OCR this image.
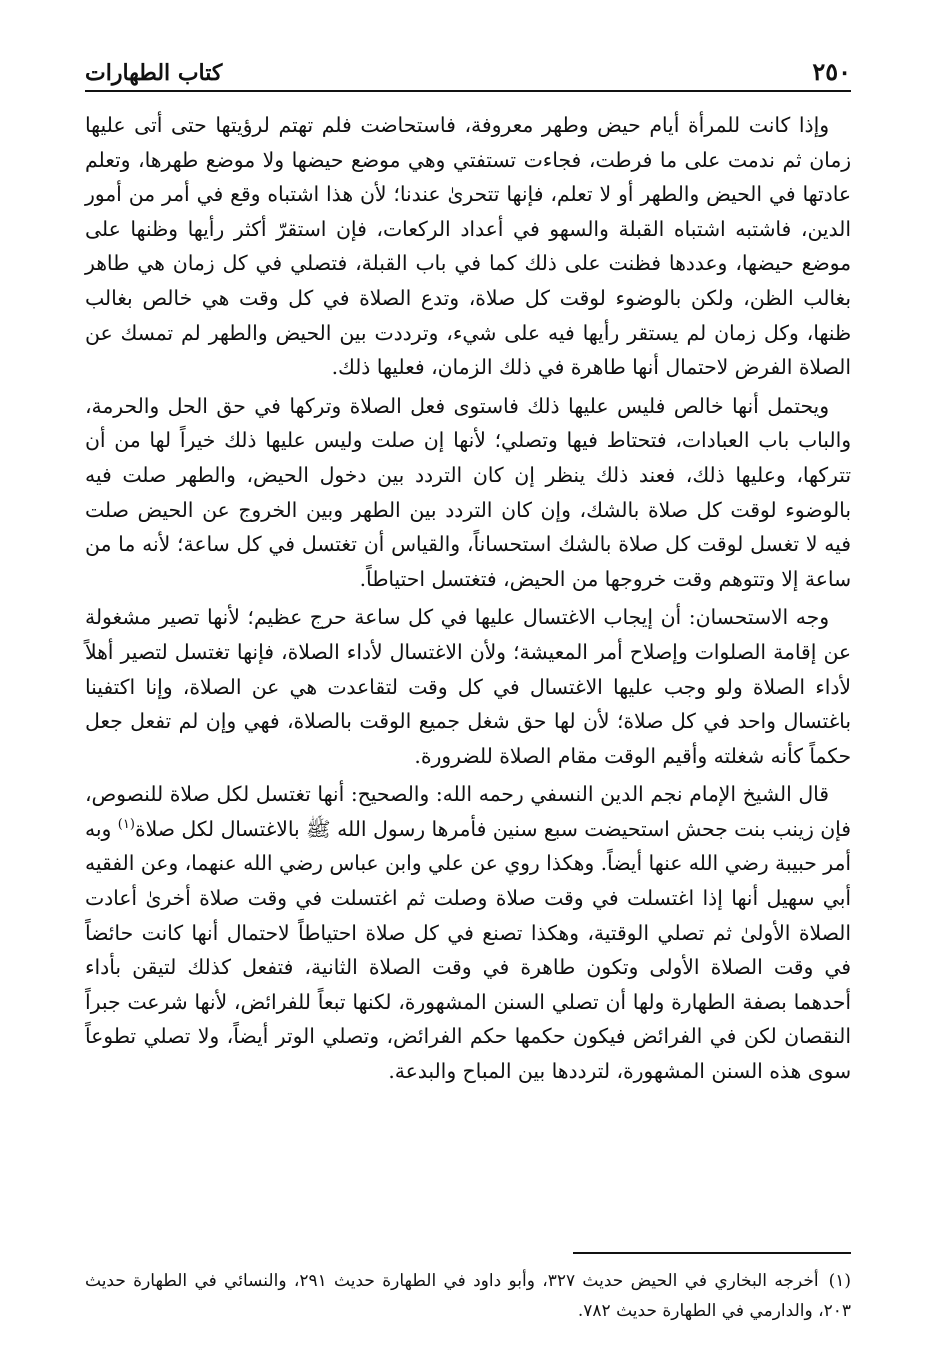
٢٥٠
كتاب الطهارات

وإذا كانت للمرأة أيام حيض وطهر معروفة، فاستحاضت فلم تهتم لرؤيتها حتى أتى عليها زمان ثم ندمت على ما فرطت، فجاءت تستفتي وهي موضع حيضها ولا موضع طهرها، وتعلم عادتها في الحيض والطهر أو لا تعلم، فإنها تتحرىٰ عندنا؛ لأن هذا اشتباه وقع في أمر من أمور الدين، فاشتبه اشتباه القبلة والسهو في أعداد الركعات، فإن استقرّ أكثر رأيها وظنها على موضع حيضها، وعددها فظنت على ذلك كما في باب القبلة، فتصلي في كل زمان هي طاهر بغالب الظن، ولكن بالوضوء لوقت كل صلاة، وتدع الصلاة في كل وقت هي خالص بغالب ظنها، وكل زمان لم يستقر رأيها فيه على شيء، وترددت بين الحيض والطهر لم تمسك عن الصلاة الفرض لاحتمال أنها طاهرة في ذلك الزمان، فعليها ذلك.

ويحتمل أنها خالص فليس عليها ذلك فاستوى فعل الصلاة وتركها في حق الحل والحرمة، والباب باب العبادات، فتحتاط فيها وتصلي؛ لأنها إن صلت وليس عليها ذلك خيراً لها من أن تتركها، وعليها ذلك، فعند ذلك ينظر إن كان التردد بين دخول الحيض، والطهر صلت فيه بالوضوء لوقت كل صلاة بالشك، وإن كان التردد بين الطهر وبين الخروج عن الحيض صلت فيه لا تغسل لوقت كل صلاة بالشك استحساناً، والقياس أن تغتسل في كل ساعة؛ لأنه ما من ساعة إلا وتتوهم وقت خروجها من الحيض، فتغتسل احتياطاً.

وجه الاستحسان: أن إيجاب الاغتسال عليها في كل ساعة حرج عظيم؛ لأنها تصير مشغولة عن إقامة الصلوات وإصلاح أمر المعيشة؛ ولأن الاغتسال لأداء الصلاة، فإنها تغتسل لتصير أهلاً لأداء الصلاة ولو وجب عليها الاغتسال في كل وقت لتقاعدت هي عن الصلاة، وإنا اكتفينا باغتسال واحد في كل صلاة؛ لأن لها حق شغل جميع الوقت بالصلاة، فهي وإن لم تفعل جعل حكماً كأنه شغلته وأقيم الوقت مقام الصلاة للضرورة.

قال الشيخ الإمام نجم الدين النسفي رحمه الله: والصحيح: أنها تغتسل لكل صلاة للنصوص، فإن زينب بنت جحش استحيضت سبع سنين فأمرها رسول الله ﷺ بالاغتسال لكل صلاة$^{(١)}$ وبه أمر حبيبة رضي الله عنها أيضاً. وهكذا روي عن علي وابن عباس رضي الله عنهما، وعن الفقيه أبي سهيل أنها إذا اغتسلت في وقت صلاة وصلت ثم اغتسلت في وقت صلاة أخرىٰ أعادت الصلاة الأولىٰ ثم تصلي الوقتية، وهكذا تصنع في كل صلاة احتياطاً لاحتمال أنها كانت حائضاً في وقت الصلاة الأولى وتكون طاهرة في وقت الصلاة الثانية، فتفعل كذلك لتيقن بأداء أحدهما بصفة الطهارة ولها أن تصلي السنن المشهورة، لكنها تبعاً للفرائض، لأنها شرعت جبراً النقصان لكن في الفرائض فيكون حكمها حكم الفرائض، وتصلي الوتر أيضاً، ولا تصلي تطوعاً سوى هذه السنن المشهورة، لترددها بين المباح والبدعة.

(١)أخرجه البخاري في الحيض حديث ٣٢٧، وأبو داود في الطهارة حديث ٢٩١، والنسائي في الطهارة حديث ٢٠٣، والدارمي في الطهارة حديث ٧٨٢.
